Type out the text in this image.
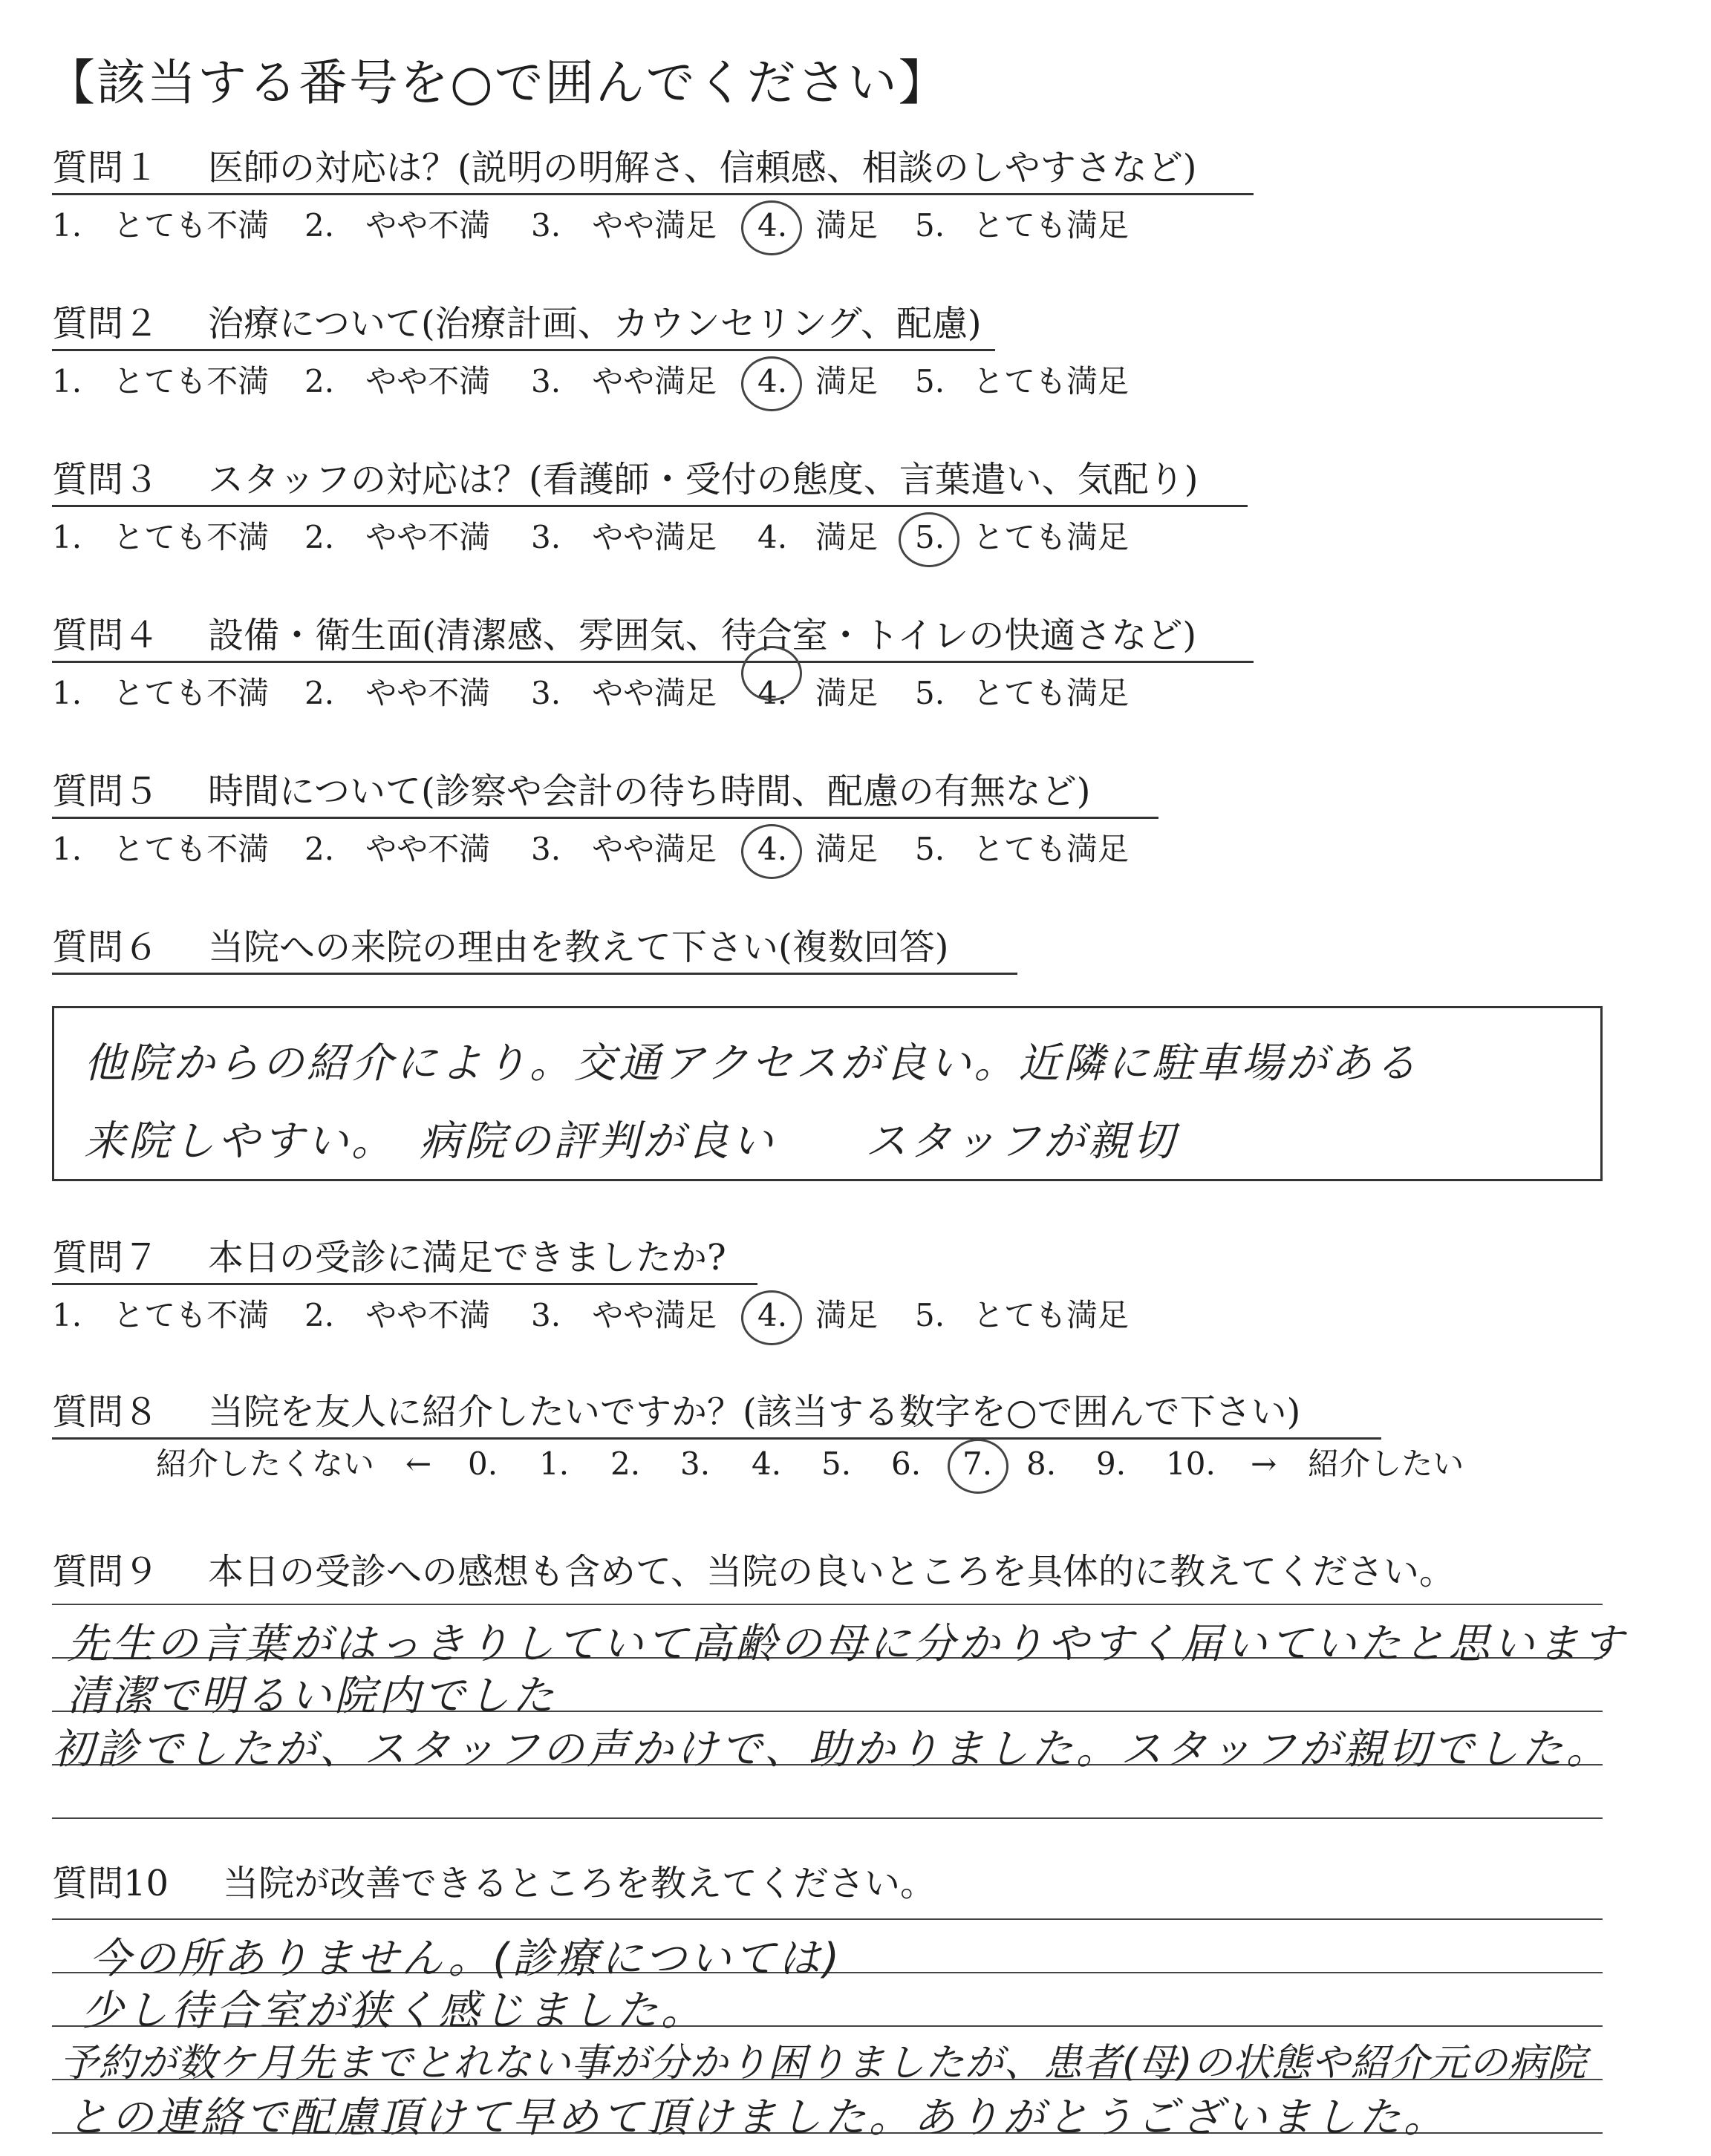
【該当する番号を○で囲んでください】
質問１ 医師の対応は？(説明の明解さ、信頼感、相談のしやすさなど)
1.　とても不満 2.　やや不満 3.　やや満足 4. 満足 5. とても満足
質問２ 治療について(治療計画、カウンセリング、配慮)
1.　とても不満 2.　やや不満 3.　やや満足 4. 満足 5. とても満足
質問３ スタッフの対応は？(看護師・受付の態度、言葉遣い、気配り)
1.　とても不満 2.　やや不満 3.　やや満足 4. 満足 5. とても満足
質問４ 設備・衛生面(清潔感、雰囲気、待合室・トイレの快適さなど)
1.　とても不満 2.　やや不満 3.　やや満足 4. 満足 5. とても満足
質問５ 時間について(診察や会計の待ち時間、配慮の有無など)
1.　とても不満 2.　やや不満 3.　やや満足 4. 満足 5. とても満足
質問６ 当院への来院の理由を教えて下さい(複数回答)
他院からの紹介により。交通アクセスが良い。近隣に駐車場がある
来院しやすい。　病院の評判が良い　　スタッフが親切
質問７ 本日の受診に満足できましたか?
1.　とても不満 2.　やや不満 3.　やや満足 4. 満足 5. とても満足
質問８ 当院を友人に紹介したいですか？(該当する数字を○で囲んで下さい)
紹介したくない　← 0. 1. 2. 3. 4. 5. 6. 7. 8. 9. 10. →　紹介したい
質問９ 本日の受診への感想も含めて、当院の良いところを具体的に教えてください。
先生の言葉がはっきりしていて高齢の母に分かりやすく届いていたと思います
清潔で明るい院内でした
初診でしたが、スタッフの声かけで、助かりました。スタッフが親切でした。
質問10 当院が改善できるところを教えてください。
今の所ありません。(診療については)
少し待合室が狭く感じました。
予約が数ケ月先までとれない事が分かり困りましたが、患者(母)の状態や紹介元の病院
との連絡で配慮頂けて早めて頂けました。ありがとうございました。
